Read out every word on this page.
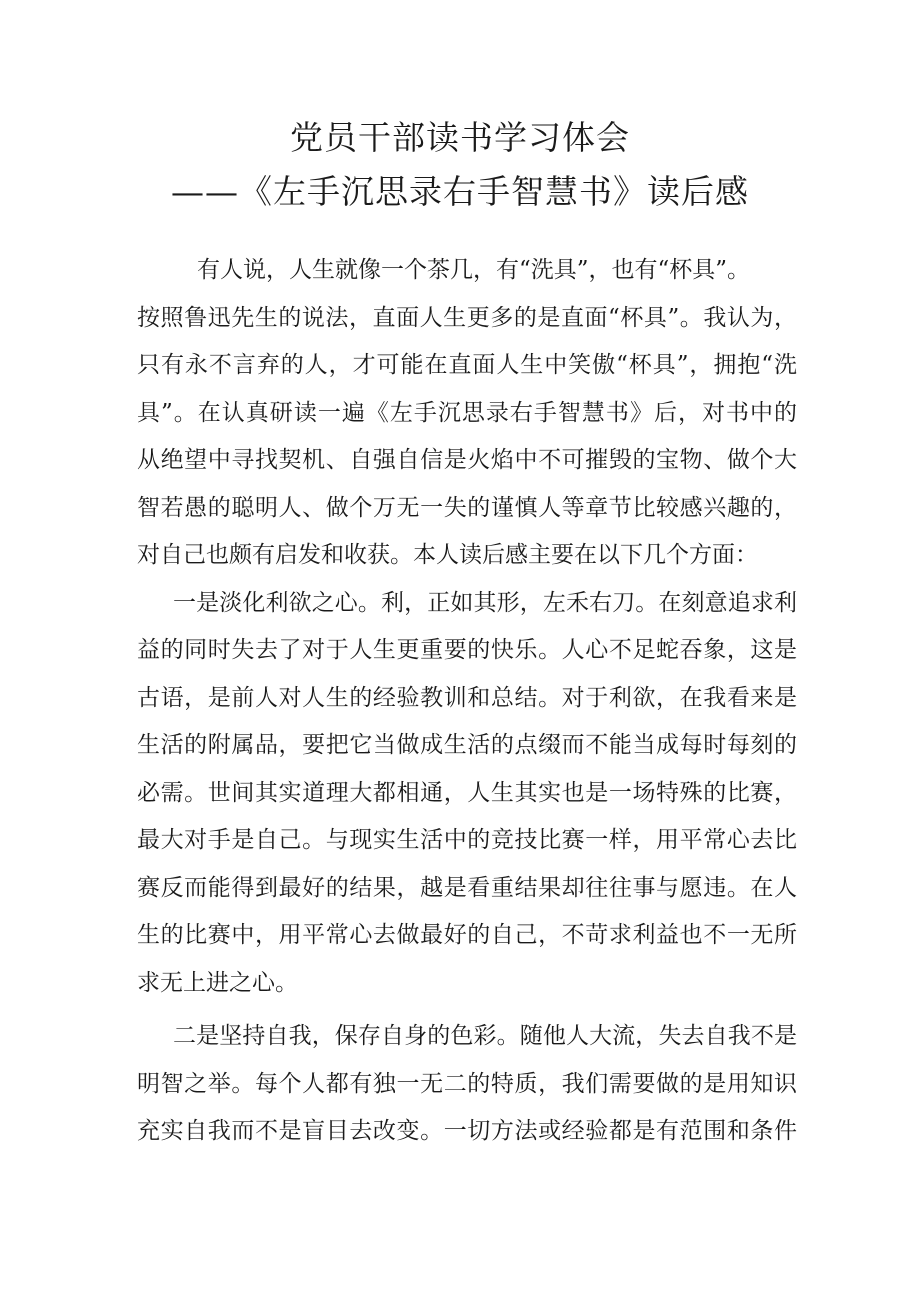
党员干部读书学习体会
——《左手沉思录右手智慧书》读后感
有人说，人生就像一个茶几，有“洗具”，也有“杯具”。
按照鲁迅先生的说法，直面人生更多的是直面“杯具”。我认为，
只有永不言弃的人，才可能在直面人生中笑傲“杯具”，拥抱“洗
具”。在认真研读一遍《左手沉思录右手智慧书》后，对书中的
从绝望中寻找契机、自强自信是火焰中不可摧毁的宝物、做个大
智若愚的聪明人、做个万无一失的谨慎人等章节比较感兴趣的，
对自己也颇有启发和收获。本人读后感主要在以下几个方面：
一是淡化利欲之心。利，正如其形，左禾右刀。在刻意追求利
益的同时失去了对于人生更重要的快乐。人心不足蛇吞象，这是
古语，是前人对人生的经验教训和总结。对于利欲，在我看来是
生活的附属品，要把它当做成生活的点缀而不能当成每时每刻的
必需。世间其实道理大都相通，人生其实也是一场特殊的比赛，
最大对手是自己。与现实生活中的竞技比赛一样，用平常心去比
赛反而能得到最好的结果，越是看重结果却往往事与愿违。在人
生的比赛中，用平常心去做最好的自己，不苛求利益也不一无所
求无上进之心。
二是坚持自我，保存自身的色彩。随他人大流，失去自我不是
明智之举。每个人都有独一无二的特质，我们需要做的是用知识
充实自我而不是盲目去改变。一切方法或经验都是有范围和条件
